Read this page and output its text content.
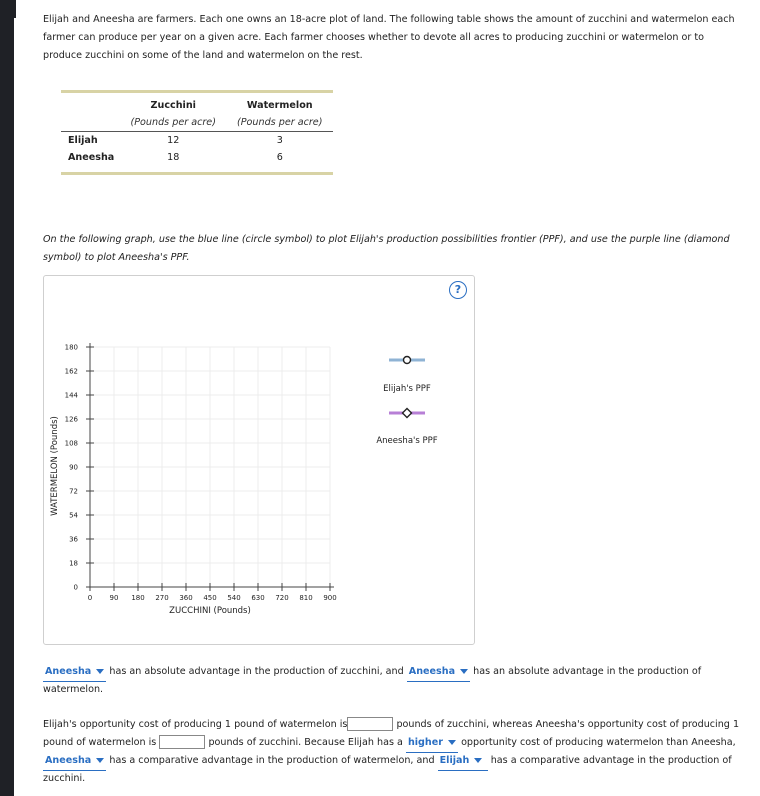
Elijah and Aneesha are farmers. Each one owns an 18-acre plot of land. The following table shows the amount of zucchini and watermelon each farmer can produce per year on a given acre. Each farmer chooses whether to devote all acres to producing zucchini or watermelon or to produce zucchini on some of the land and watermelon on the rest.
	Zucchini	Watermelon
	(Pounds per acre)	(Pounds per acre)

Elijah	12	3
Aneesha	18	6
On the following graph, use the blue line (circle symbol) to plot Elijah's production possibilities frontier (PPF), and use the purple line (diamond symbol) to plot Aneesha's PPF.
?
0 90 180 270 360 450 540 630 720 810 900
0
18
36
54
72
90
108
126
144
162
180
ZUCCHINI (Pounds)
WATERMELON (Pounds)
Elijah's PPF
Aneesha's PPF
Aneesha has an absolute advantage in the production of zucchini, and Aneesha has an absolute advantage in the production of
watermelon.
Elijah's opportunity cost of producing 1 pound of watermelon is	pounds of zucchini, whereas Aneesha's opportunity cost of producing 1
pound of watermelon is	pounds of zucchini. Because Elijah has a higher opportunity cost of producing watermelon than Aneesha,
Aneesha has a comparative advantage in the production of watermelon, and Elijah has a comparative advantage in the production of
zucchini.
